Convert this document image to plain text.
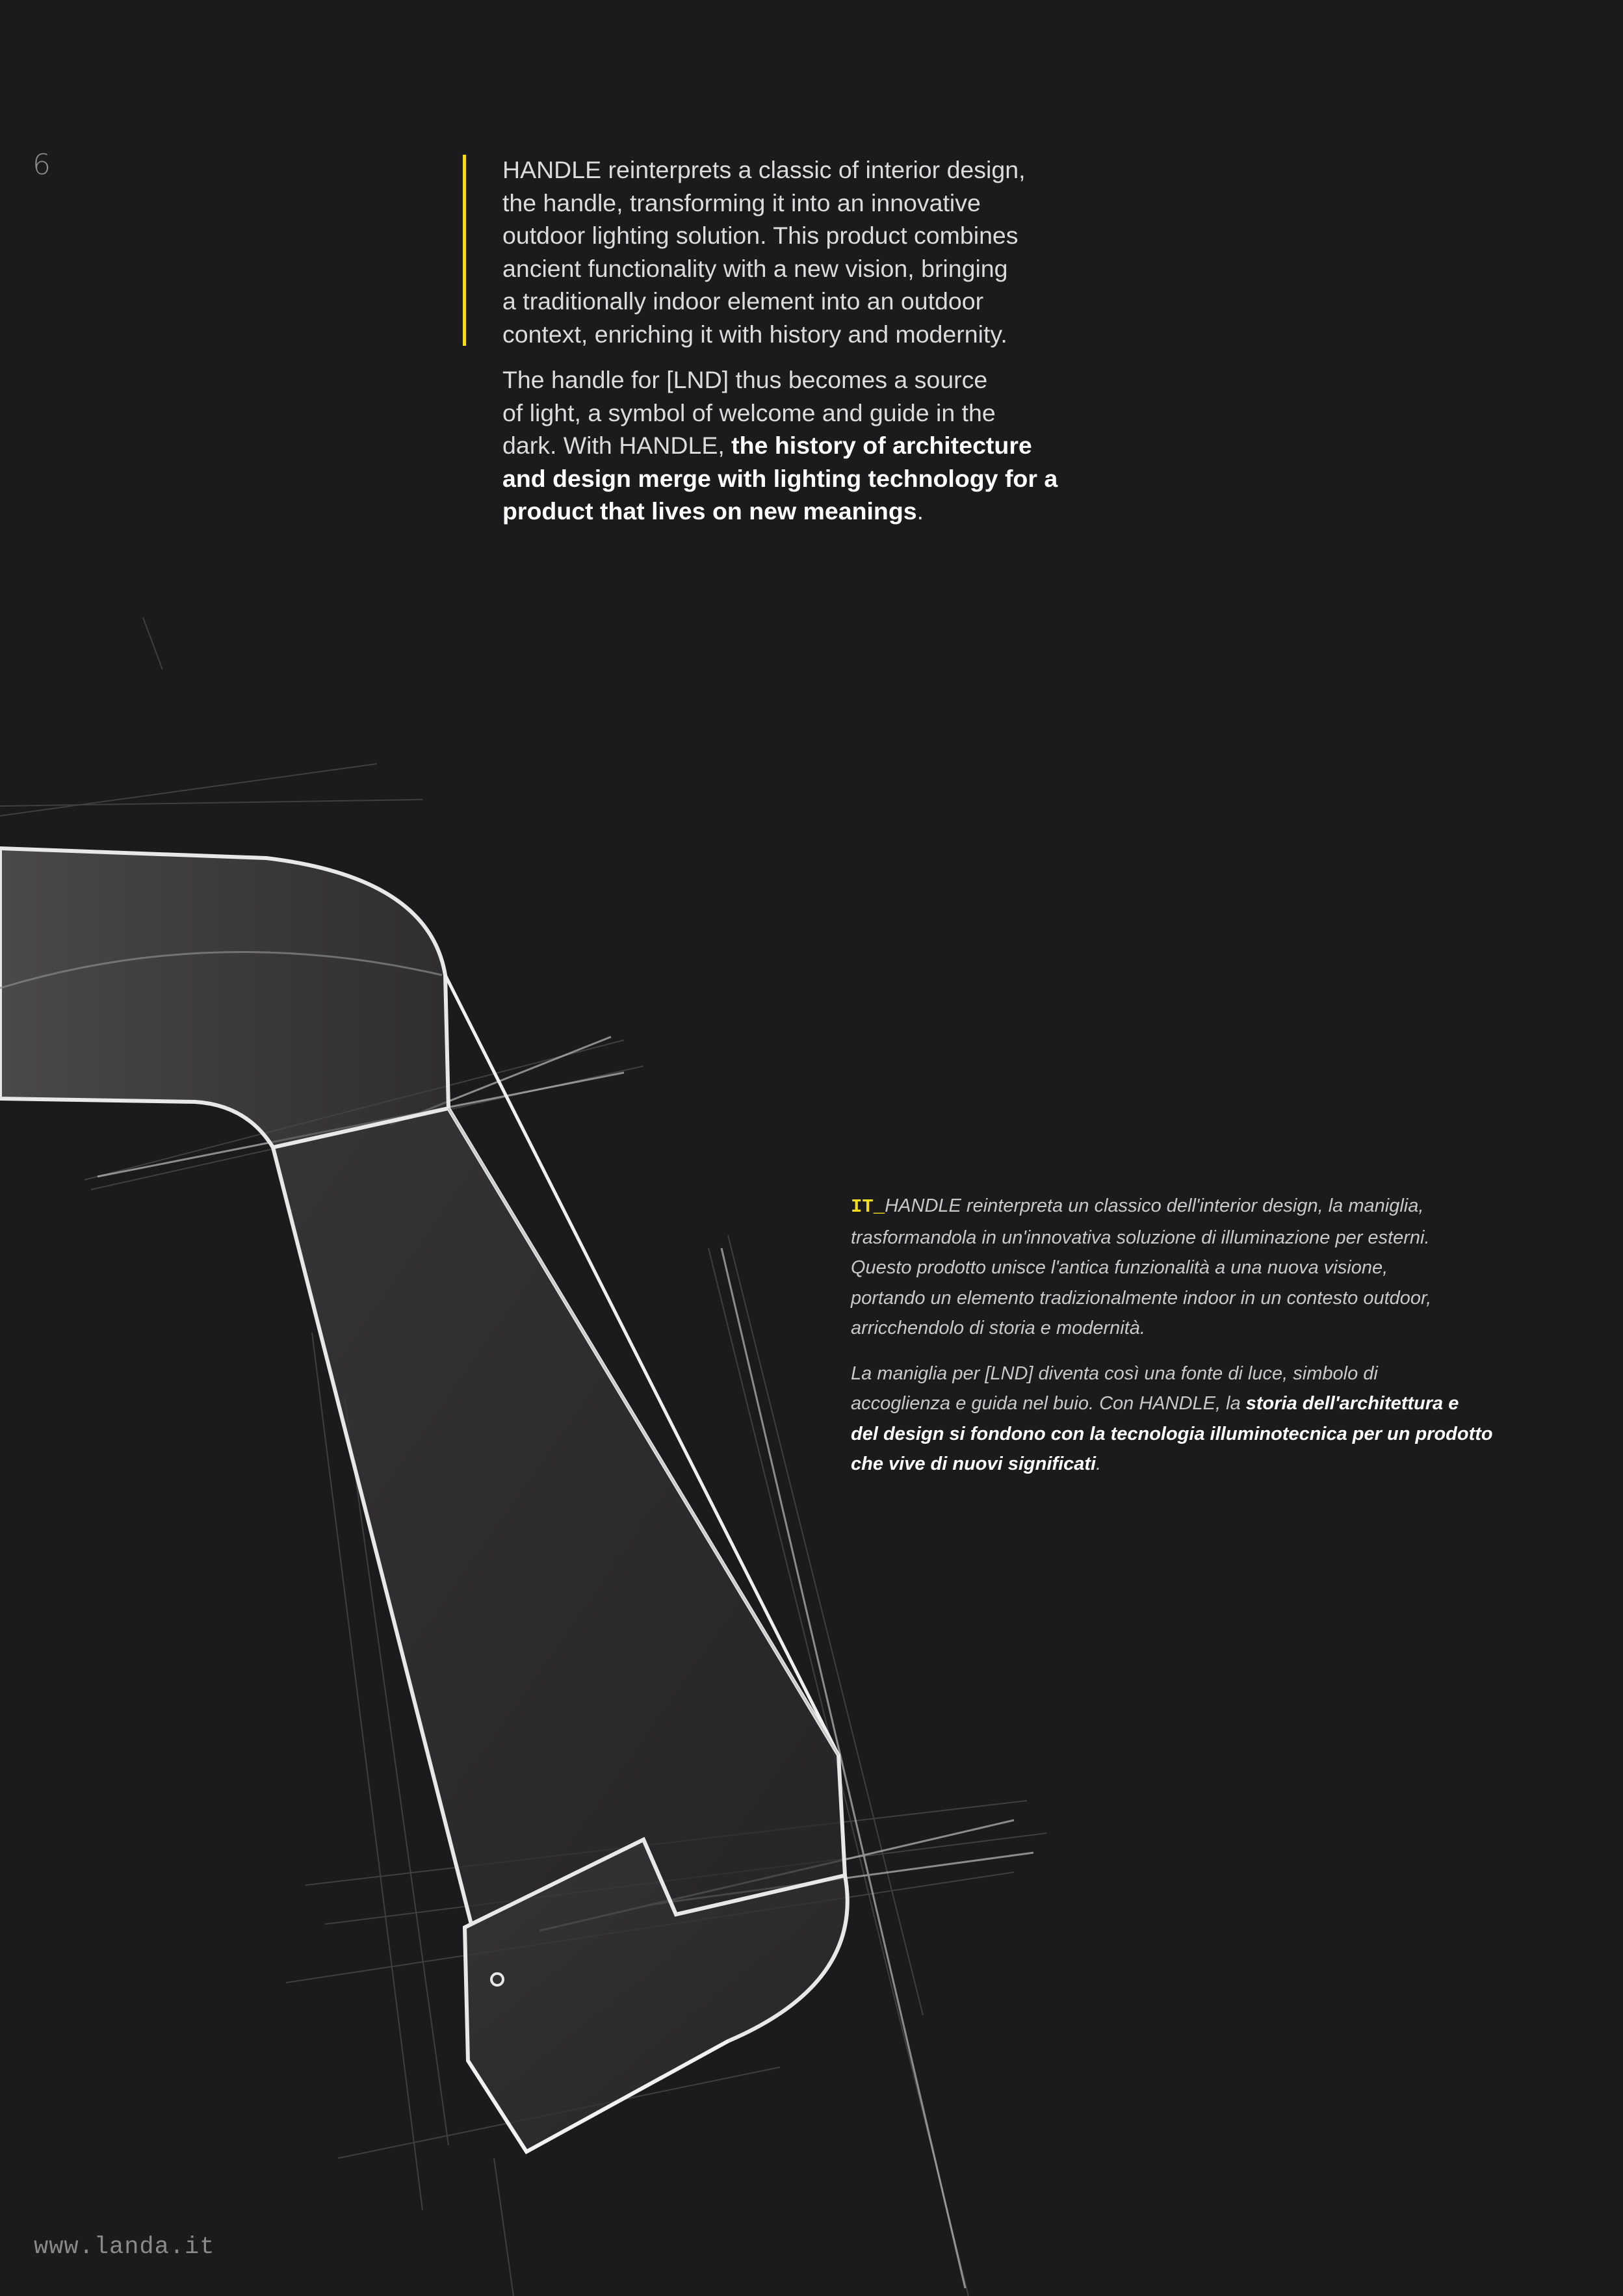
6	HANDLE reinterprets a classic of interior design,
the handle, transforming it into an innovative
outdoor lighting solution. This product combines
ancient functionality with a new vision, bringing
a traditionally indoor element into an outdoor
context, enriching it with history and modernity.

The handle for [LND] thus becomes a source
of light, a symbol of welcome and guide in the
dark. With HANDLE, the history of architecture
and design merge with lighting technology for a
product that lives on new meanings.

IT_HANDLE reinterpreta un classico dell'interior design, la maniglia,
trasformandola in un'innovativa soluzione di illuminazione per esterni.
Questo prodotto unisce l'antica funzionalità a una nuova visione,
portando un elemento tradizionalmente indoor in un contesto outdoor,
arricchendolo di storia e modernità.

La maniglia per [LND] diventa così una fonte di luce, simbolo di
accoglienza e guida nel buio. Con HANDLE, la storia dell'architettura e
del design si fondono con la tecnologia illuminotecnica per un prodotto
che vive di nuovi significati.

www.landa.it
